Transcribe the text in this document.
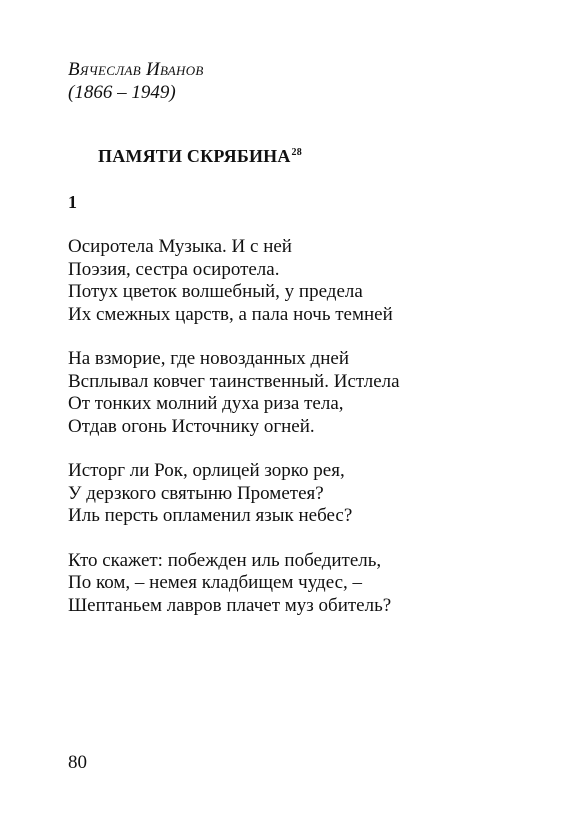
Вячеслав Иванов
(1866 – 1949)
ПАМЯТИ СКРЯБИНА$^{28}$
1
Осиротела Музыка. И с ней
Поэзия, сестра осиротела.
Потух цветок волшебный, у предела
Их смежных царств, а пала ночь темней
На взморие, где новозданных дней
Всплывал ковчег таинственный. Истлела
От тонких молний духа риза тела,
Отдав огонь Источнику огней.
Исторг ли Рок, орлицей зорко рея,
У дерзкого святыню Прометея?
Иль персть опламенил язык небес?
Кто скажет: побежден иль победитель,
По ком, – немея кладбищем чудес, –
Шептаньем лавров плачет муз обитель?
80
